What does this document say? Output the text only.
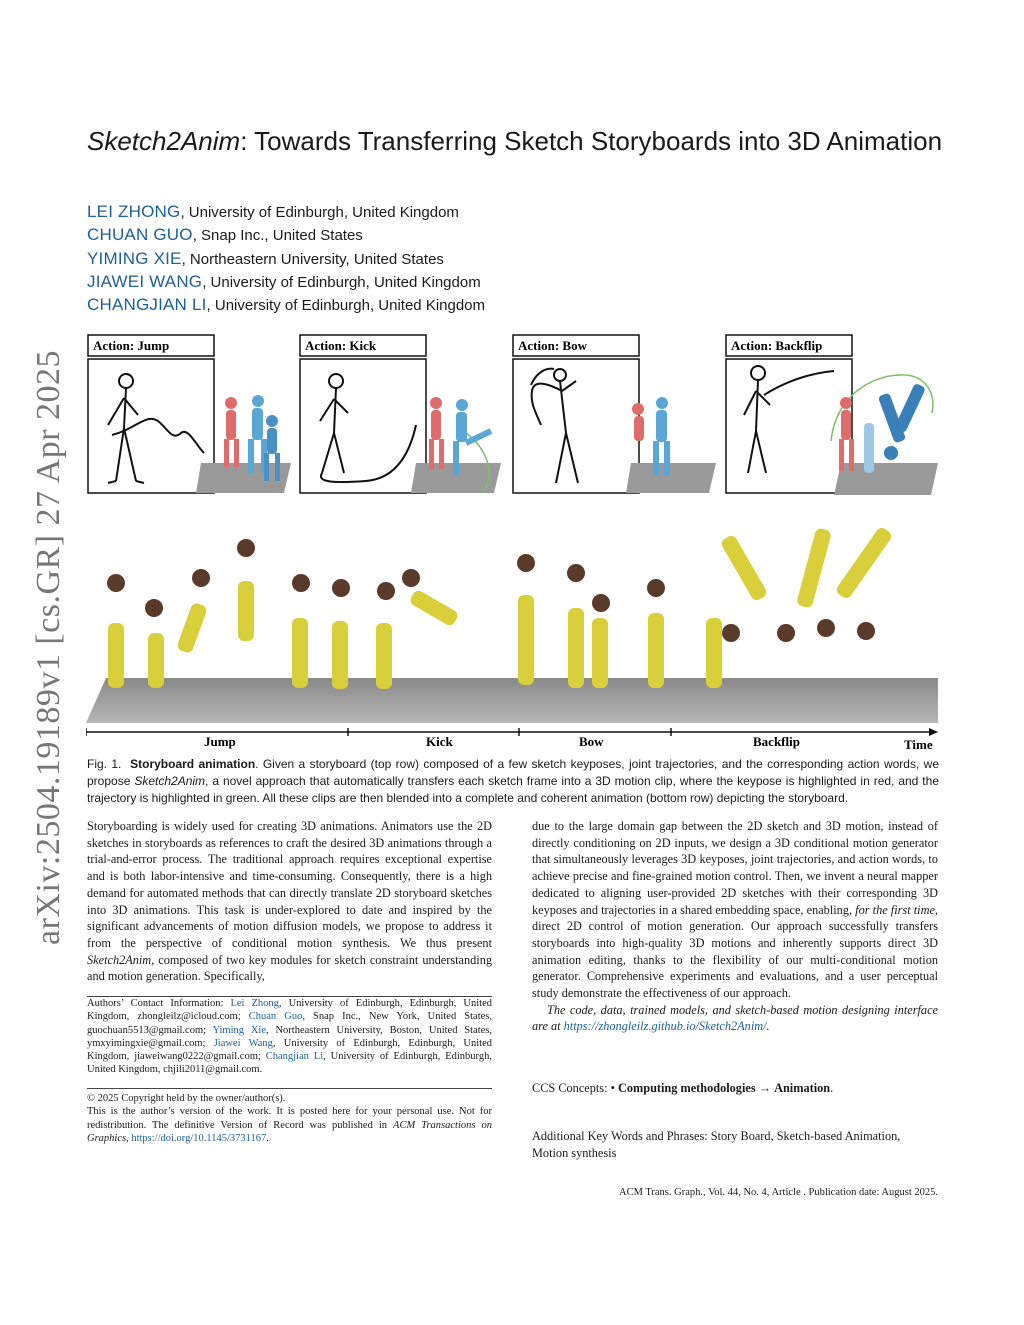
arXiv:2504.19189v1 [cs.GR] 27 Apr 2025
Sketch2Anim: Towards Transferring Sketch Storyboards into 3D Animation
LEI ZHONG, University of Edinburgh, United Kingdom
CHUAN GUO, Snap Inc., United States
YIMING XIE, Northeastern University, United States
JIAWEI WANG, University of Edinburgh, United Kingdom
CHANGJIAN LI, University of Edinburgh, United Kingdom
Action: Jump	Action: Kick	Action: Bow	Action: Backflip
Jump	Kick	Bow	Backflip	Time
Fig. 1. Storyboard animation. Given a storyboard (top row) composed of a few sketch keyposes, joint trajectories, and the corresponding action words, we propose Sketch2Anim, a novel approach that automatically transfers each sketch frame into a 3D motion clip, where the keypose is highlighted in red, and the trajectory is highlighted in green. All these clips are then blended into a complete and coherent animation (bottom row) depicting the storyboard.
Storyboarding is widely used for creating 3D animations. Animators use the 2D sketches in storyboards as references to craft the desired 3D animations through a trial-and-error process. The traditional approach requires exceptional expertise and is both labor-intensive and time-consuming. Consequently, there is a high demand for automated methods that can directly translate 2D storyboard sketches into 3D animations. This task is under-explored to date and inspired by the significant advancements of motion diffusion models, we propose to address it from the perspective of conditional motion synthesis. We thus present Sketch2Anim, composed of two key modules for sketch constraint understanding and motion generation. Specifically,
Authors’ Contact Information: Lei Zhong, University of Edinburgh, Edinburgh, United Kingdom, zhongleilz@icloud.com; Chuan Guo, Snap Inc., New York, United States, guochuan5513@gmail.com; Yiming Xie, Northeastern University, Boston, United States, ymxyimingxie@gmail.com; Jiawei Wang, University of Edinburgh, Edinburgh, United Kingdom, jiaweiwang0222@gmail.com; Changjian Li, University of Edinburgh, Edinburgh, United Kingdom, chjili2011@gmail.com.
© 2025 Copyright held by the owner/author(s).
This is the author’s version of the work. It is posted here for your personal use. Not for redistribution. The definitive Version of Record was published in ACM Transactions on Graphics, https://doi.org/10.1145/3731167.
due to the large domain gap between the 2D sketch and 3D motion, instead of directly conditioning on 2D inputs, we design a 3D conditional motion generator that simultaneously leverages 3D keyposes, joint trajectories, and action words, to achieve precise and fine-grained motion control. Then, we invent a neural mapper dedicated to aligning user-provided 2D sketches with their corresponding 3D keyposes and trajectories in a shared embedding space, enabling, for the first time, direct 2D control of motion generation. Our approach successfully transfers storyboards into high-quality 3D motions and inherently supports direct 3D animation editing, thanks to the flexibility of our multi-conditional motion generator. Comprehensive experiments and evaluations, and a user perceptual study demonstrate the effectiveness of our approach.
The code, data, trained models, and sketch-based motion designing interface are at https://zhongleilz.github.io/Sketch2Anim/.
CCS Concepts: • Computing methodologies → Animation.
Additional Key Words and Phrases: Story Board, Sketch-based Animation, Motion synthesis
ACM Trans. Graph., Vol. 44, No. 4, Article . Publication date: August 2025.
